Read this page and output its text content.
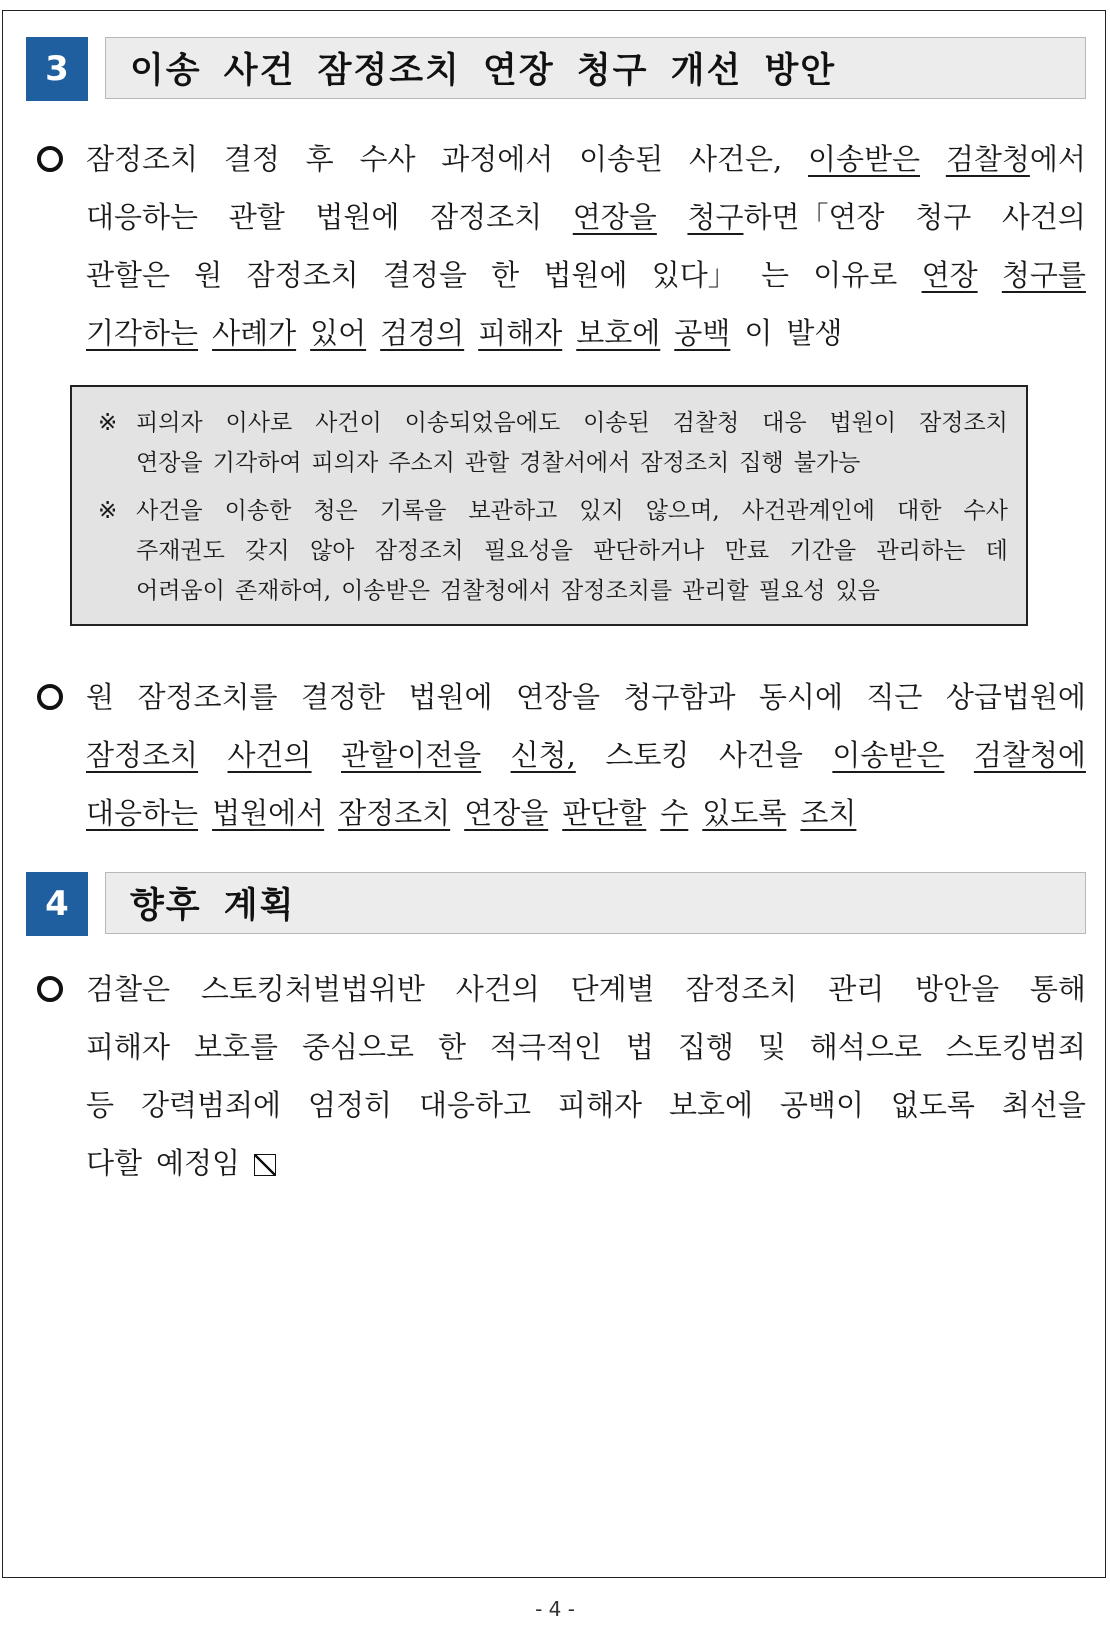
3	이송 사건 잠정조치 연장 청구 개선 방안
잠정조치 결정 후 수사 과정에서 이송된 사건은, 이송받은 검찰청에서
대응하는 관할 법원에 잠정조치 연장을 청구하면「연장 청구 사건의
관할은 원 잠정조치 결정을 한 법원에 있다」 는 이유로 연장 청구를
기각하는 사례가 있어 검경의 피해자 보호에 공백 이 발생
※ 피의자 이사로 사건이 이송되었음에도 이송된 검찰청 대응 법원이 잠정조치
연장을 기각하여 피의자 주소지 관할 경찰서에서 잠정조치 집행 불가능
※ 사건을 이송한 청은 기록을 보관하고 있지 않으며, 사건관계인에 대한 수사
주재권도 갖지 않아 잠정조치 필요성을 판단하거나 만료 기간을 관리하는 데
어려움이 존재하여, 이송받은 검찰청에서 잠정조치를 관리할 필요성 있음
원 잠정조치를 결정한 법원에 연장을 청구함과 동시에 직근 상급법원에
잠정조치 사건의 관할이전을 신청, 스토킹 사건을 이송받은 검찰청에
대응하는 법원에서 잠정조치 연장을 판단할 수 있도록 조치
4	향후 계획
검찰은 스토킹처벌법위반 사건의 단계별 잠정조치 관리 방안을 통해
피해자 보호를 중심으로 한 적극적인 법 집행 및 해석으로 스토킹범죄
등 강력범죄에 엄정히 대응하고 피해자 보호에 공백이 없도록 최선을
다할 예정임
- 4 -
